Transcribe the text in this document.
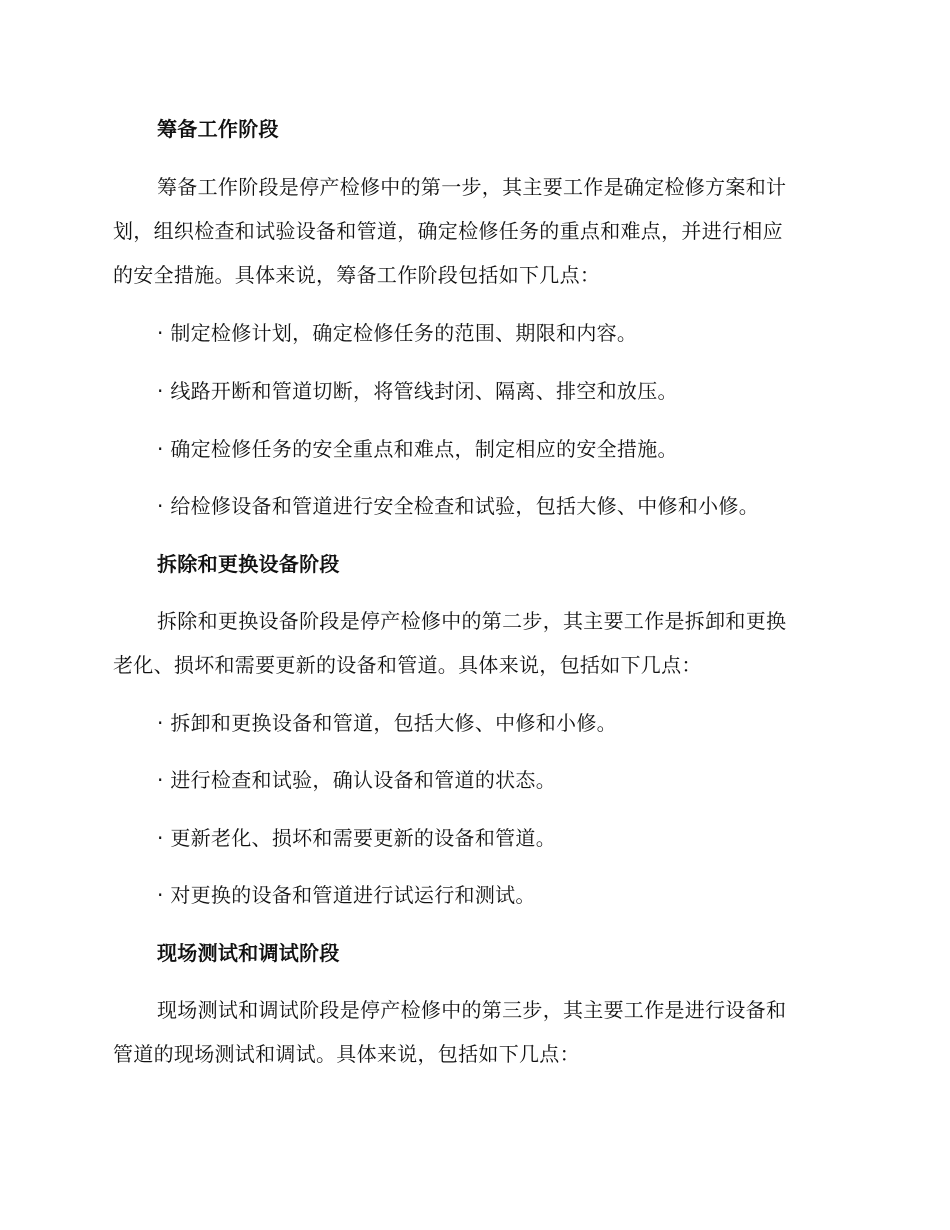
筹备工作阶段
筹备工作阶段是停产检修中的第一步，其主要工作是确定检修方案和计
划，组织检查和试验设备和管道，确定检修任务的重点和难点，并进行相应
的安全措施。具体来说，筹备工作阶段包括如下几点：
· 制定检修计划，确定检修任务的范围、期限和内容。
· 线路开断和管道切断，将管线封闭、隔离、排空和放压。
· 确定检修任务的安全重点和难点，制定相应的安全措施。
· 给检修设备和管道进行安全检查和试验，包括大修、中修和小修。
拆除和更换设备阶段
拆除和更换设备阶段是停产检修中的第二步，其主要工作是拆卸和更换
老化、损坏和需要更新的设备和管道。具体来说，包括如下几点：
· 拆卸和更换设备和管道，包括大修、中修和小修。
· 进行检查和试验，确认设备和管道的状态。
· 更新老化、损坏和需要更新的设备和管道。
· 对更换的设备和管道进行试运行和测试。
现场测试和调试阶段
现场测试和调试阶段是停产检修中的第三步，其主要工作是进行设备和
管道的现场测试和调试。具体来说，包括如下几点：
